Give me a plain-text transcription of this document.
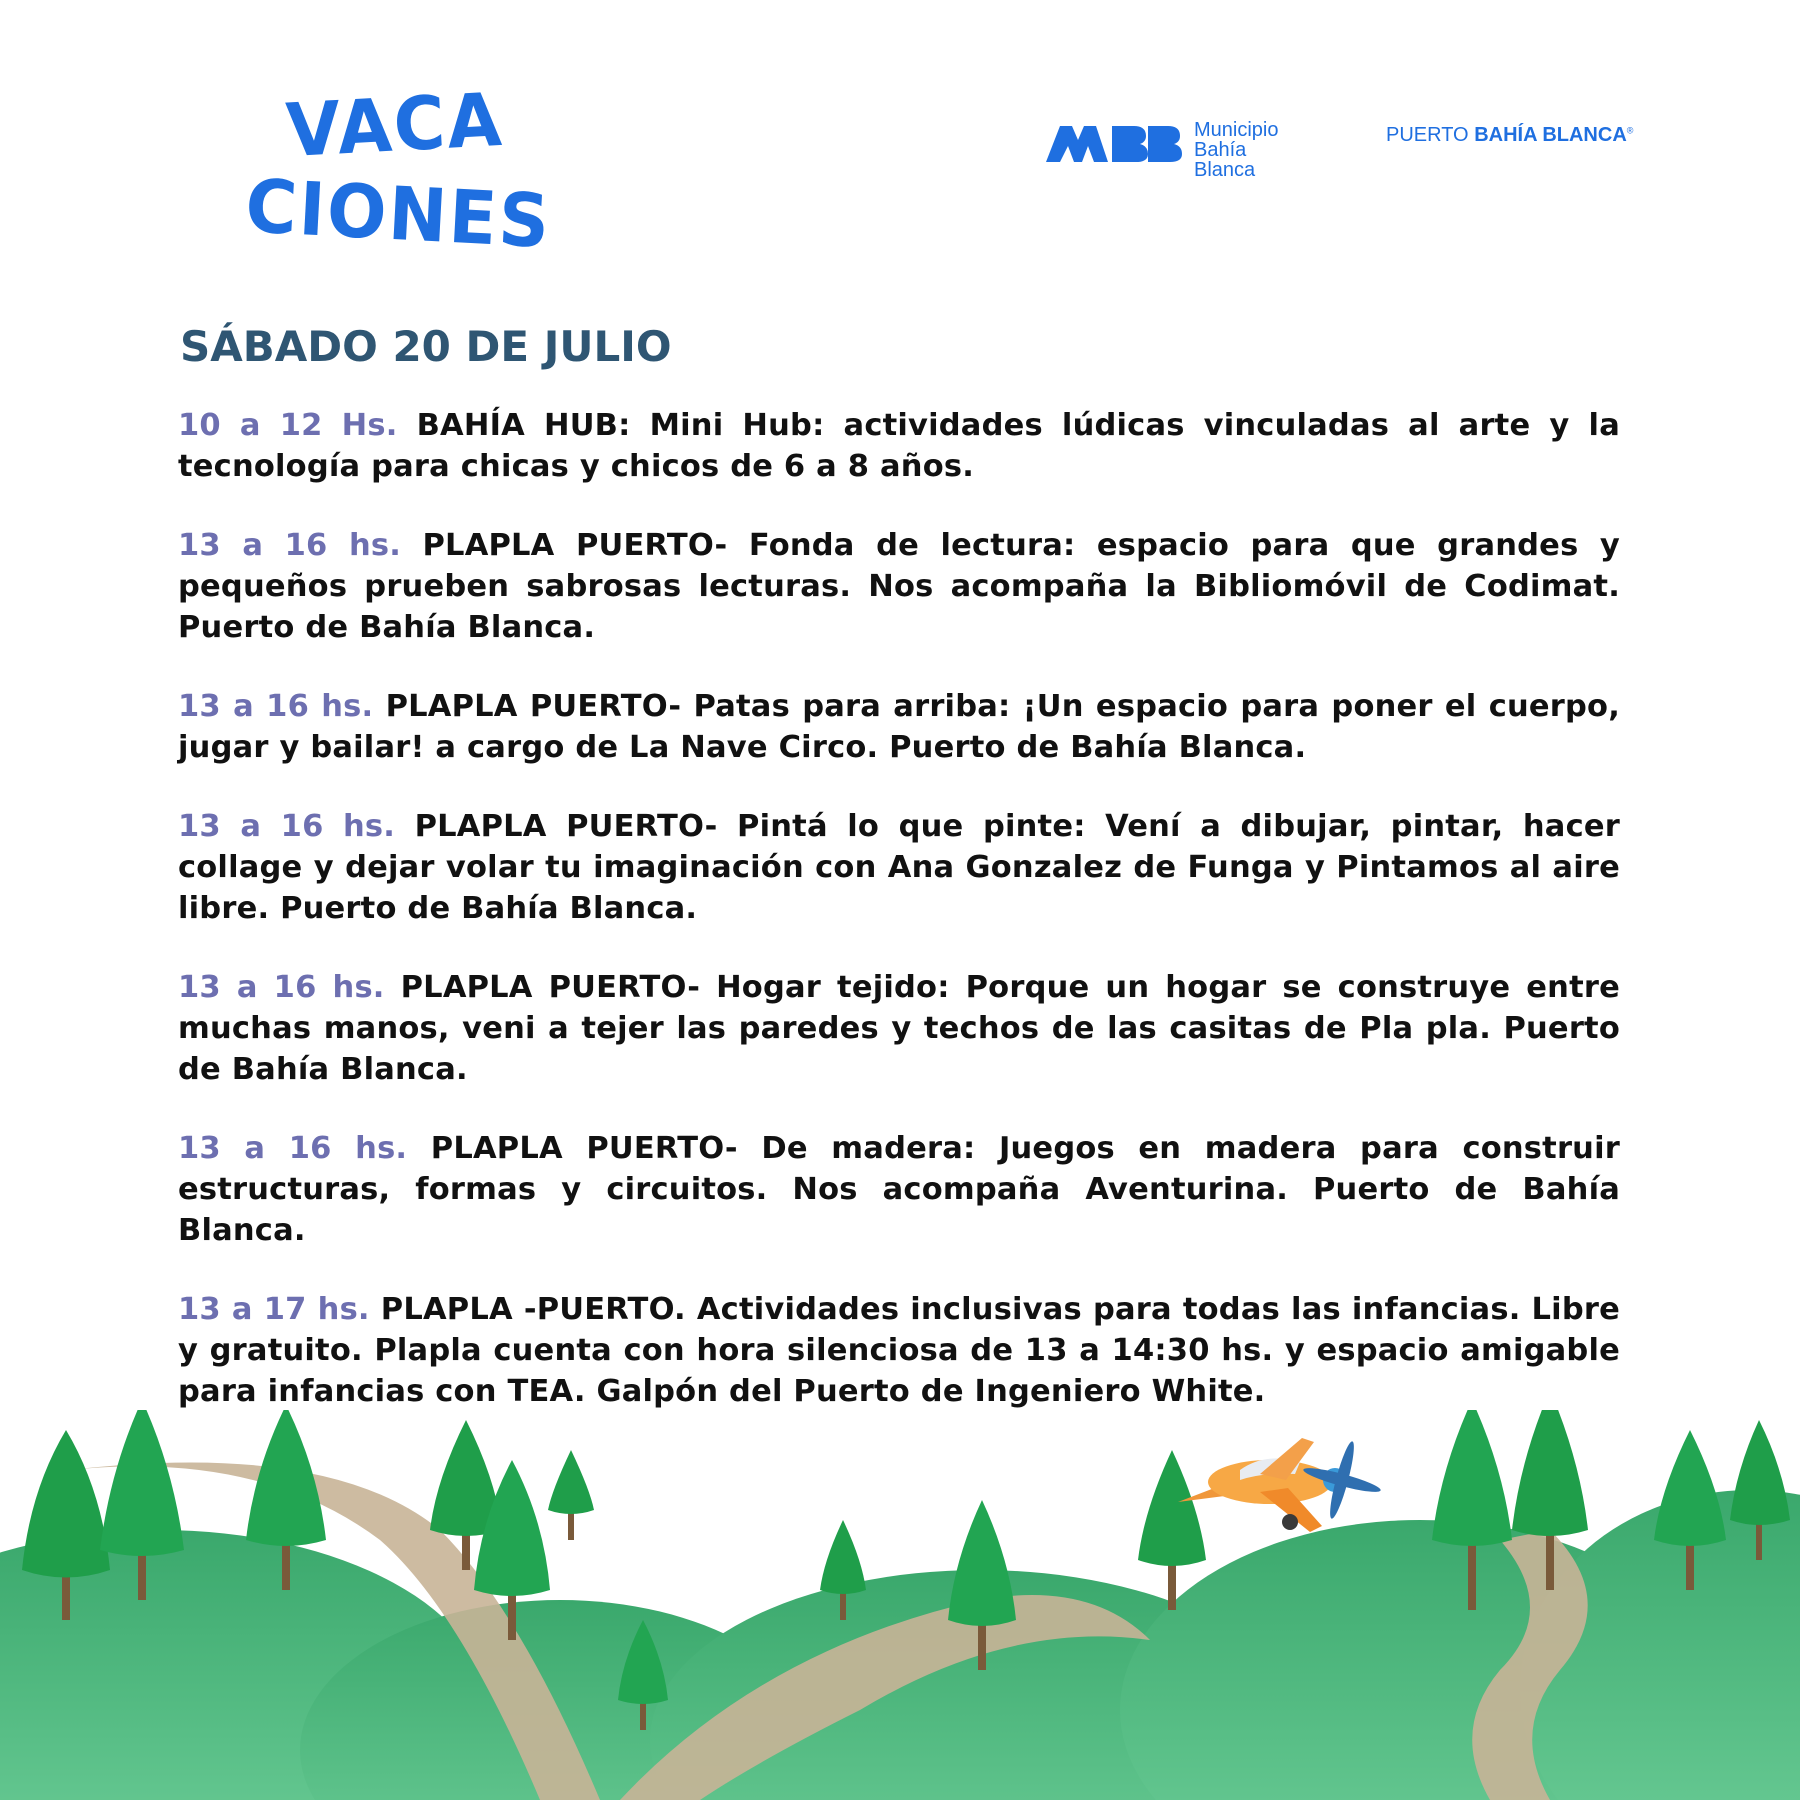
VACA
CIONES
Municipio
Bahía
Blanca
PUERTO BAHÍA BLANCA®
SÁBADO 20 DE JULIO

10 a 12 Hs. BAHÍA HUB: Mini Hub: actividades lúdicas vinculadas al arte y la tecnología para chicas y chicos de 6 a 8 años.

13 a 16 hs. PLAPLA PUERTO- Fonda de lectura: espacio para que grandes y pequeños prueben sabrosas lecturas. Nos acompaña la Bibliomóvil de Codimat. Puerto de Bahía Blanca.

13 a 16 hs. PLAPLA PUERTO- Patas para arriba: ¡Un espacio para poner el cuerpo, jugar y bailar! a cargo de La Nave Circo. Puerto de Bahía Blanca.

13 a 16 hs. PLAPLA PUERTO- Pintá lo que pinte: Vení a dibujar, pintar, hacer collage y dejar volar tu imaginación con Ana Gonzalez de Funga y Pintamos al aire libre. Puerto de Bahía Blanca.

13 a 16 hs. PLAPLA PUERTO- Hogar tejido: Porque un hogar se construye entre muchas manos, veni a tejer las paredes y techos de las casitas de Pla pla. Puerto de Bahía Blanca.

13 a 16 hs. PLAPLA PUERTO- De madera: Juegos en madera para construir estructuras, formas y circuitos. Nos acompaña Aventurina. Puerto de Bahía Blanca.

13 a 17 hs. PLAPLA -PUERTO. Actividades inclusivas para todas las infancias. Libre y gratuito. Plapla cuenta con hora silenciosa de 13 a 14:30 hs. y espacio amigable para infancias con TEA. Galpón del Puerto de Ingeniero White.
